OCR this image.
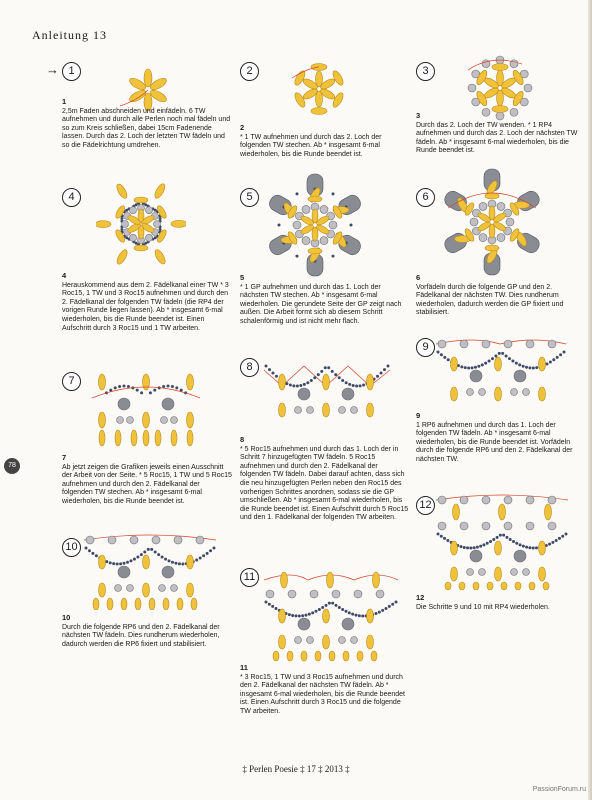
Anleitung 13
→ 1	2	3
4	5	6
7
8
9
10
11
12
1
2,5m Faden abschneiden und einfädeln. 6 TW aufnehmen und durch alle Perlen noch mal fädeln und so zum Kreis schließen, dabei 15cm Fadenende lassen. Durch das 2. Loch der letzten TW fädeln und so die Fädelrichtung umdrehen.
2
* 1 TW aufnehmen und durch das 2. Loch der folgenden TW stechen. Ab * insgesamt 6-mal wiederholen, bis die Runde beendet ist.
3
Durch das 2. Loch der TW wenden. * 1 RP4 aufnehmen und durch das 2. Loch der nächsten TW fädeln. Ab * insgesamt 6-mal wiederholen, bis die Runde beendet ist.
4
Herauskommend aus dem 2. Fädelkanal einer TW * 3 Roc15, 1 TW und 3 Roc15 aufnehmen und durch den 2. Fädelkanal der folgenden TW fädeln (die RP4 der vorigen Runde liegen lassen). Ab * insgesamt 6-mal wiederholen, bis die Runde beendet ist. Einen Aufschritt durch 3 Roc15 und 1 TW arbeiten.
5
* 1 GP aufnehmen und durch das 1. Loch der nächsten TW stechen. Ab * insgesamt 6-mal wiederholen. Die gerundete Seite der GP zeigt nach außen. Die Arbeit formt sich ab diesem Schritt schalenförmig und ist nicht mehr flach.
6
Vorfädeln durch die folgende GP und den 2. Fädelkanal der nächsten TW. Dies rundherum wiederholen, dadurch werden die GP fixiert und stabilisiert.
7
Ab jetzt zeigen die Grafiken jeweils einen Ausschnitt der Arbeit von der Seite. * 5 Roc15, 1 TW und 5 Roc15 aufnehmen und durch den 2. Fädelkanal der folgenden TW stechen. Ab * insgesamt 6-mal wiederholen, bis die Runde beendet ist.
8
* 5 Roc15 aufnehmen und durch das 1. Loch der in Schritt 7 hinzugefügten TW fädeln. 5 Roc15 aufnehmen und durch den 2. Fädelkanal der folgenden TW fädeln. Dabei darauf achten, dass sich die neu hinzugefügten Perlen neben den Roc15 des vorherigen Schrittes anordnen, sodass sie die GP umschließen. Ab * insgesamt 6-mal wiederholen, bis die Runde beendet ist. Einen Aufschritt durch 5 Roc15 und den 1. Fädelkanal der folgenden TW arbeiten.
9
1 RP6 aufnehmen und durch das 1. Loch der folgenden TW fädeln. Ab * insgesamt 6-mal wiederholen, bis die Runde beendet ist. Vorfädeln durch die folgende RP6 und den 2. Fädelkanal der nächsten TW.
10
Durch die folgende RP6 und den 2. Fädelkanal der nächsten TW fädeln. Dies rundherum wiederholen, dadurch werden die RP6 fixiert und stabilisiert.
11
* 3 Roc15, 1 TW und 3 Roc15 aufnehmen und durch den 2. Fädelkanal der nächsten TW fädeln. Ab * insgesamt 6-mal wiederholen, bis die Runde beendet ist. Einen Aufschritt durch 3 Roc15 und die folgende TW arbeiten.
12
Die Schritte 9 und 10 mit RP4 wiederholen.
78
‡ Perlen Poesie ‡ 17 ‡ 2013 ‡
PassionForum.ru
